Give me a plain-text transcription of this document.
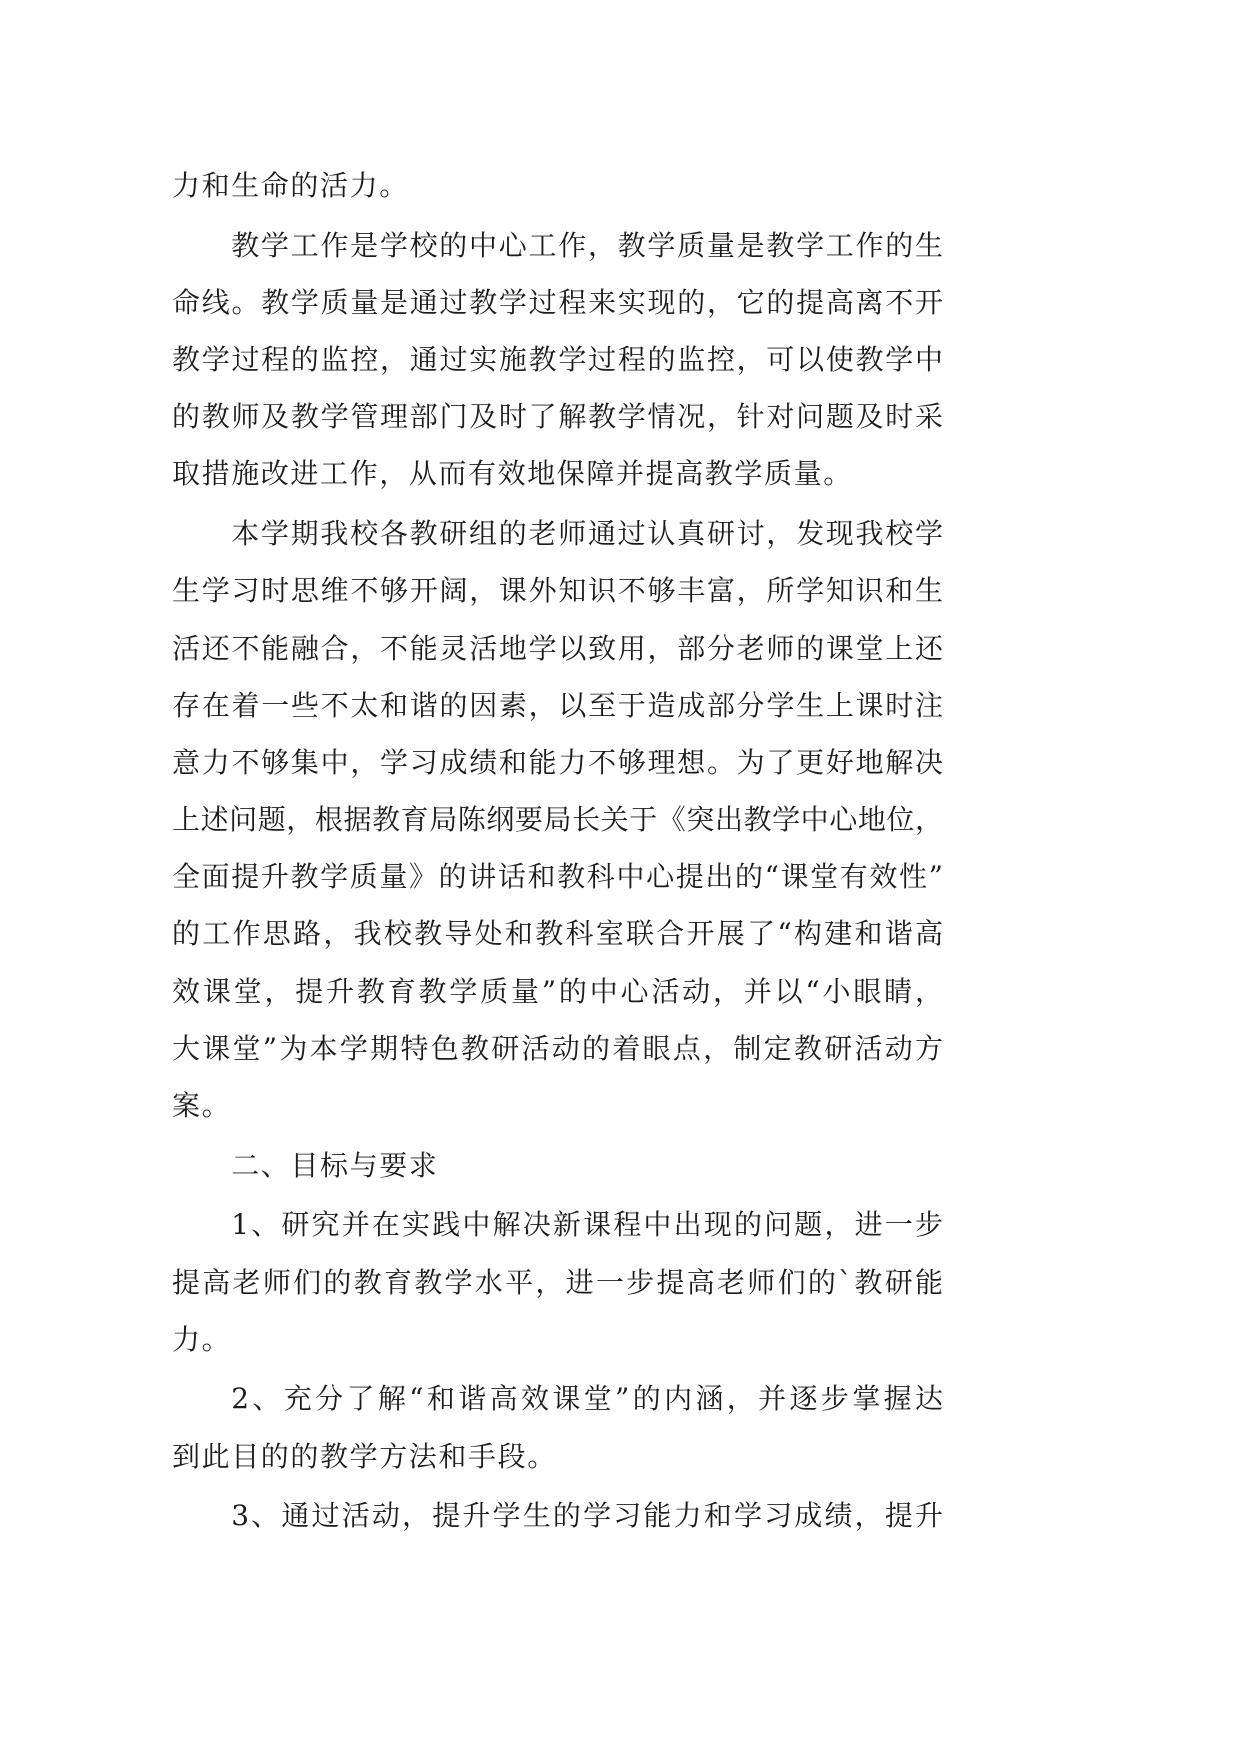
力和生命的活力。
教学工作是学校的中心工作，教学质量是教学工作的生
命线。教学质量是通过教学过程来实现的，它的提高离不开
教学过程的监控，通过实施教学过程的监控，可以使教学中
的教师及教学管理部门及时了解教学情况，针对问题及时采
取措施改进工作，从而有效地保障并提高教学质量。
本学期我校各教研组的老师通过认真研讨，发现我校学
生学习时思维不够开阔，课外知识不够丰富，所学知识和生
活还不能融合，不能灵活地学以致用，部分老师的课堂上还
存在着一些不太和谐的因素，以至于造成部分学生上课时注
意力不够集中，学习成绩和能力不够理想。为了更好地解决
上述问题，根据教育局陈纲要局长关于《突出教学中心地位，
全面提升教学质量》的讲话和教科中心提出的“课堂有效性”
的工作思路，我校教导处和教科室联合开展了“构建和谐高
效课堂，提升教育教学质量”的中心活动，并以“小眼睛，
大课堂”为本学期特色教研活动的着眼点，制定教研活动方
案。
二、目标与要求
1、研究并在实践中解决新课程中出现的问题，进一步
提高老师们的教育教学水平，进一步提高老师们的`教研能
力。
2、充分了解“和谐高效课堂”的内涵，并逐步掌握达
到此目的的教学方法和手段。
3、通过活动，提升学生的学习能力和学习成绩，提升
